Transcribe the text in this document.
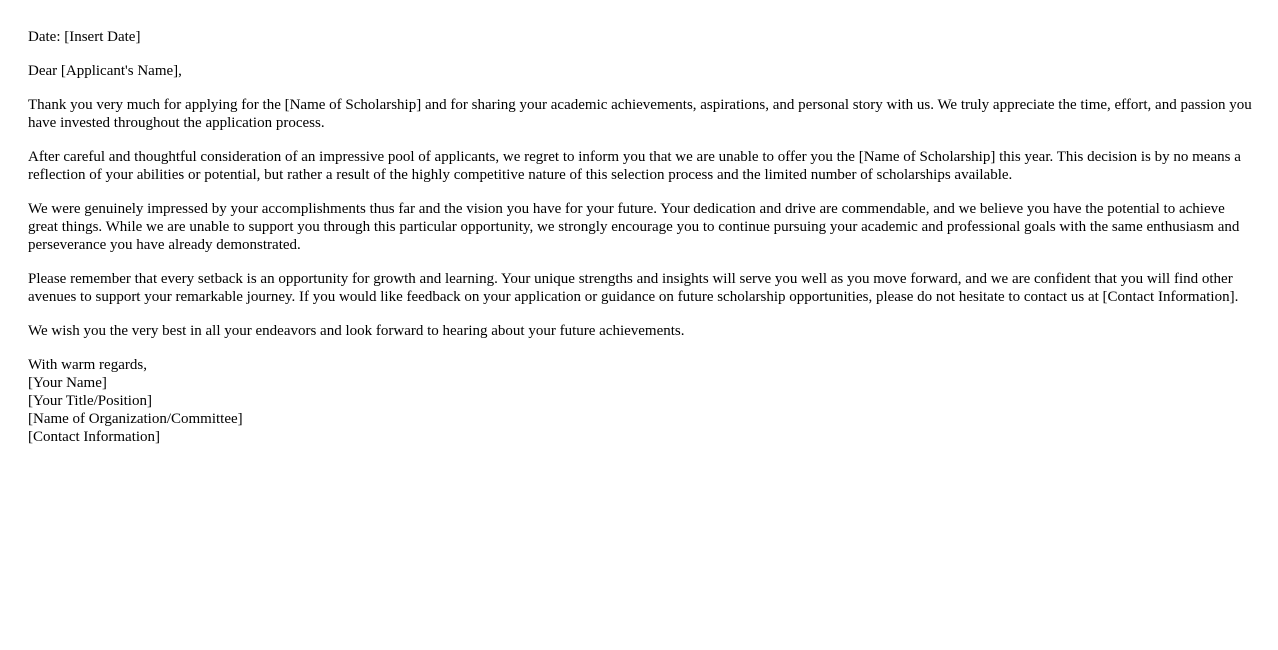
Date: [Insert Date]

Dear [Applicant's Name],

Thank you very much for applying for the [Name of Scholarship] and for sharing your academic achievements, aspirations, and personal story with us. We truly appreciate the time, effort, and passion you have invested throughout the application process.

After careful and thoughtful consideration of an impressive pool of applicants, we regret to inform you that we are unable to offer you the [Name of Scholarship] this year. This decision is by no means a reflection of your abilities or potential, but rather a result of the highly competitive nature of this selection process and the limited number of scholarships available.

We were genuinely impressed by your accomplishments thus far and the vision you have for your future. Your dedication and drive are commendable, and we believe you have the potential to achieve great things. While we are unable to support you through this particular opportunity, we strongly encourage you to continue pursuing your academic and professional goals with the same enthusiasm and perseverance you have already demonstrated.

Please remember that every setback is an opportunity for growth and learning. Your unique strengths and insights will serve you well as you move forward, and we are confident that you will find other avenues to support your remarkable journey. If you would like feedback on your application or guidance on future scholarship opportunities, please do not hesitate to contact us at [Contact Information].

We wish you the very best in all your endeavors and look forward to hearing about your future achievements.

With warm regards,
[Your Name]
[Your Title/Position]
[Name of Organization/Committee]
[Contact Information]
